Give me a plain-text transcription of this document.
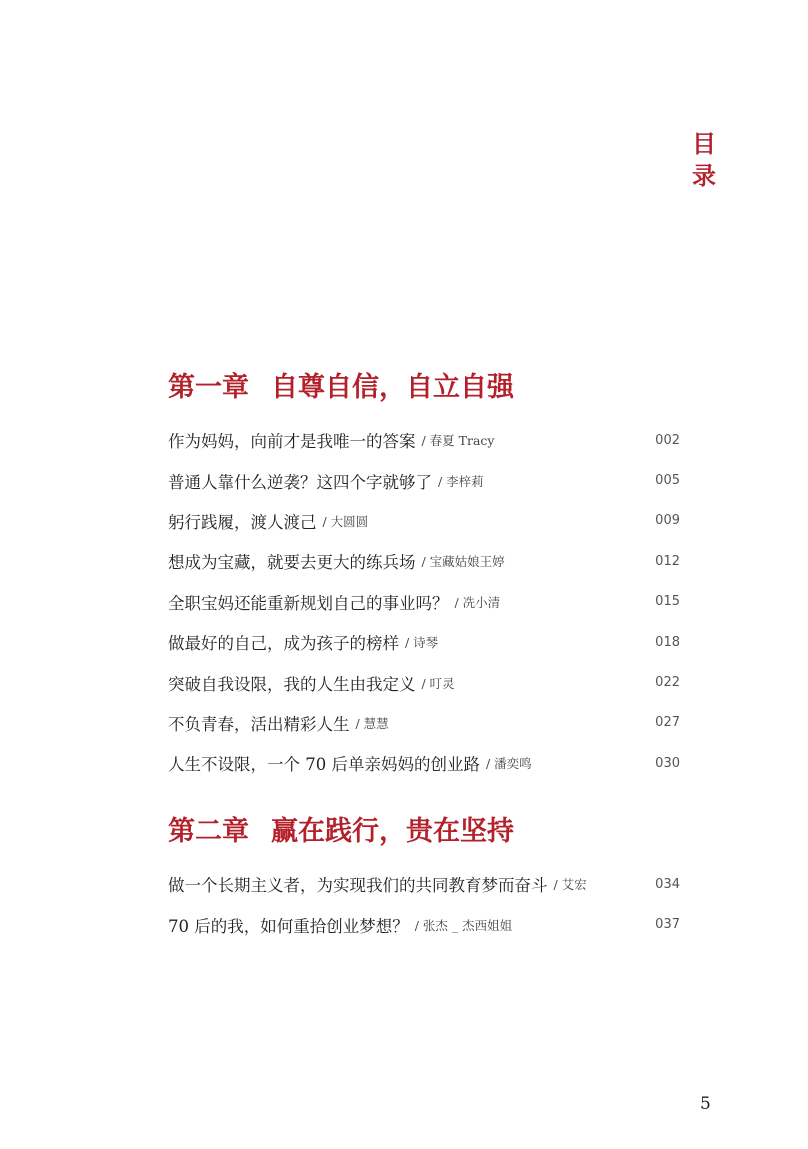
目
录
第一章 自尊自信，自立自强
作为妈妈，向前才是我唯一的答案 / 春夏 Tracy	002
普通人靠什么逆袭？这四个字就够了 / 李梓莉	005
躬行践履，渡人渡己 / 大圆圆	009
想成为宝藏，就要去更大的练兵场 / 宝藏姑娘王婷	012
全职宝妈还能重新规划自己的事业吗？ / 冼小清	015
做最好的自己，成为孩子的榜样 / 诗琴	018
突破自我设限，我的人生由我定义 / 叮灵	022
不负青春，活出精彩人生 / 慧慧	027
人生不设限，一个 70 后单亲妈妈的创业路 / 潘奕鸣	030
第二章 赢在践行，贵在坚持
做一个长期主义者，为实现我们的共同教育梦而奋斗 / 艾宏	034
70 后的我，如何重拾创业梦想？ / 张杰 _ 杰西姐姐	037
5
